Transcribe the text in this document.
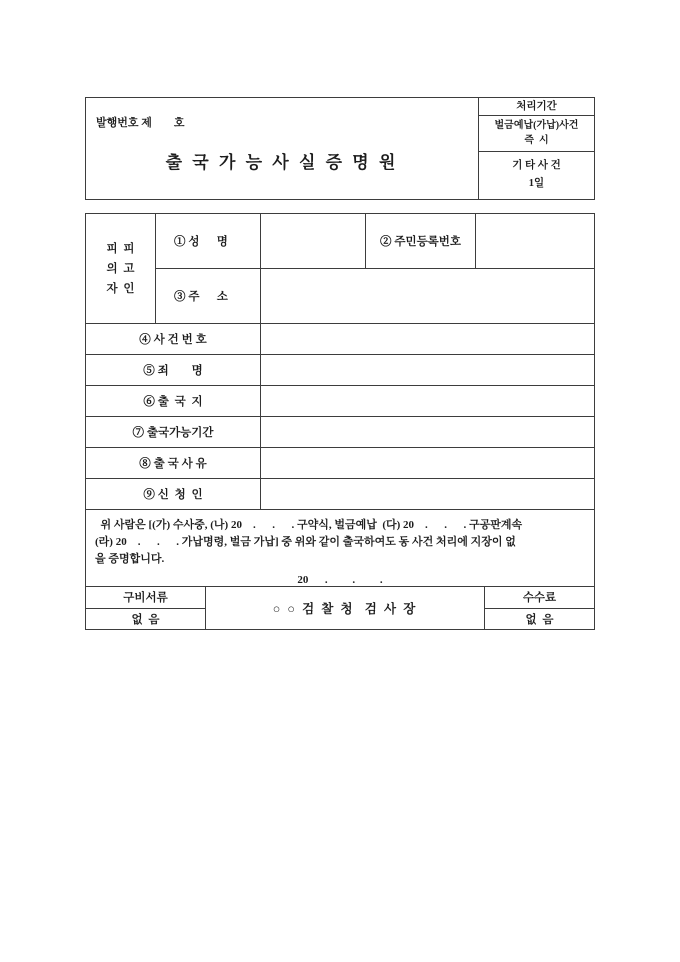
발행번호 제        호
출 국 가 능 사 실 증 명 원
처리기간
벌금예납(가납)사건
즉  시
기 타 사 건
1일
피  피
의  고
자  인
① 성      명	② 주민등록번호
③ 주      소
④ 사 건 번 호
⑤ 죄        명
⑥ 출  국  지
⑦ 출국가능기간
⑧ 출 국 사 유
⑨ 신  청  인
위 사람은 [(가) 수사중, (나) 20    .      .      . 구약식, 벌금예납  (다) 20    .      .      . 구공판계속
(라) 20    .      .      . 가납명령, 벌금 가납] 중 위와 같이 출국하여도 동 사건 처리에 지장이 없
을 증명합니다.
20      .         .         .
구비서류
없  음
○ ○ 검 찰 청  검 사 장
수수료
없  음
